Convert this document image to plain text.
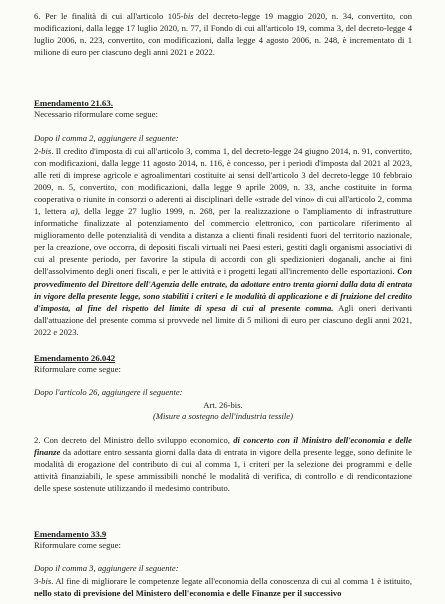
6. Per le finalità di cui all'articolo 105-bis del decreto-legge 19 maggio 2020, n. 34, convertito, con modificazioni, dalla legge 17 luglio 2020, n. 77, il Fondo di cui all'articolo 19, comma 3, del decreto-legge 4 luglio 2006, n. 223, convertito, con modificazioni, dalla legge 4 agosto 2006, n. 248, è incrementato di 1 milione di euro per ciascuno degli anni 2021 e 2022.

Emendamento 21.63.

Necessario riformulare come segue:

Dopo il comma 2, aggiungere il seguente:

2-bis. Il credito d'imposta di cui all'articolo 3, comma 1, del decreto-legge 24 giugno 2014, n. 91, convertito, con modificazioni, dalla legge 11 agosto 2014, n. 116, è concesso, per i periodi d'imposta dal 2021 al 2023, alle reti di imprese agricole e agroalimentari costituite ai sensi dell'articolo 3 del decreto-legge 10 febbraio 2009, n. 5, convertito, con modificazioni, dalla legge 9 aprile 2009, n. 33, anche costituite in forma cooperativa o riunite in consorzi o aderenti ai disciplinari delle «strade del vino» di cui all'articolo 2, comma 1, lettera a), della legge 27 luglio 1999, n. 268, per la realizzazione o l'ampliamento di infrastrutture informatiche finalizzate al potenziamento del commercio elettronico, con particolare riferimento al miglioramento delle potenzialità di vendita a distanza a clienti finali residenti fuori del territorio nazionale, per la creazione, ove occorra, di depositi fiscali virtuali nei Paesi esteri, gestiti dagli organismi associativi di cui al presente periodo, per favorire la stipula di accordi con gli spedizionieri doganali, anche ai fini dell'assolvimento degli oneri fiscali, e per le attività e i progetti legati all'incremento delle esportazioni. Con provvedimento del Direttore dell'Agenzia delle entrate, da adottare entro trenta giorni dalla data di entrata in vigore della presente legge, sono stabiliti i criteri e le modalità di applicazione e di fruizione del credito d'imposta, al fine del rispetto del limite di spesa di cui al presente comma. Agli oneri derivanti dall'attuazione del presente comma si provvede nel limite di 5 milioni di euro per ciascuno degli anni 2021, 2022 e 2023.

Emendamento 26.042

Riformulare come segue:

Dopo l'articolo 26, aggiungere il seguente:

Art. 26-bis.

(Misure a sostegno dell'industria tessile)

2. Con decreto del Ministro dello sviluppo economico, di concerto con il Ministro dell'economia e delle finanze da adottare entro sessanta giorni dalla data di entrata in vigore della presente legge, sono definite le modalità di erogazione del contributo di cui al comma 1, i criteri per la selezione dei programmi e delle attività finanziabili, le spese ammissibili nonché le modalità di verifica, di controllo e di rendicontazione delle spese sostenute utilizzando il medesimo contributo.

Emendamento 33.9

Riformulare come segue:

Dopo il comma 3, aggiungere il seguente:

3-bis. Al fine di migliorare le competenze legate all'economia della conoscenza di cui al comma 1 è istituito, nello stato di previsione del Ministero dell'economia e delle Finanze per il successivo
